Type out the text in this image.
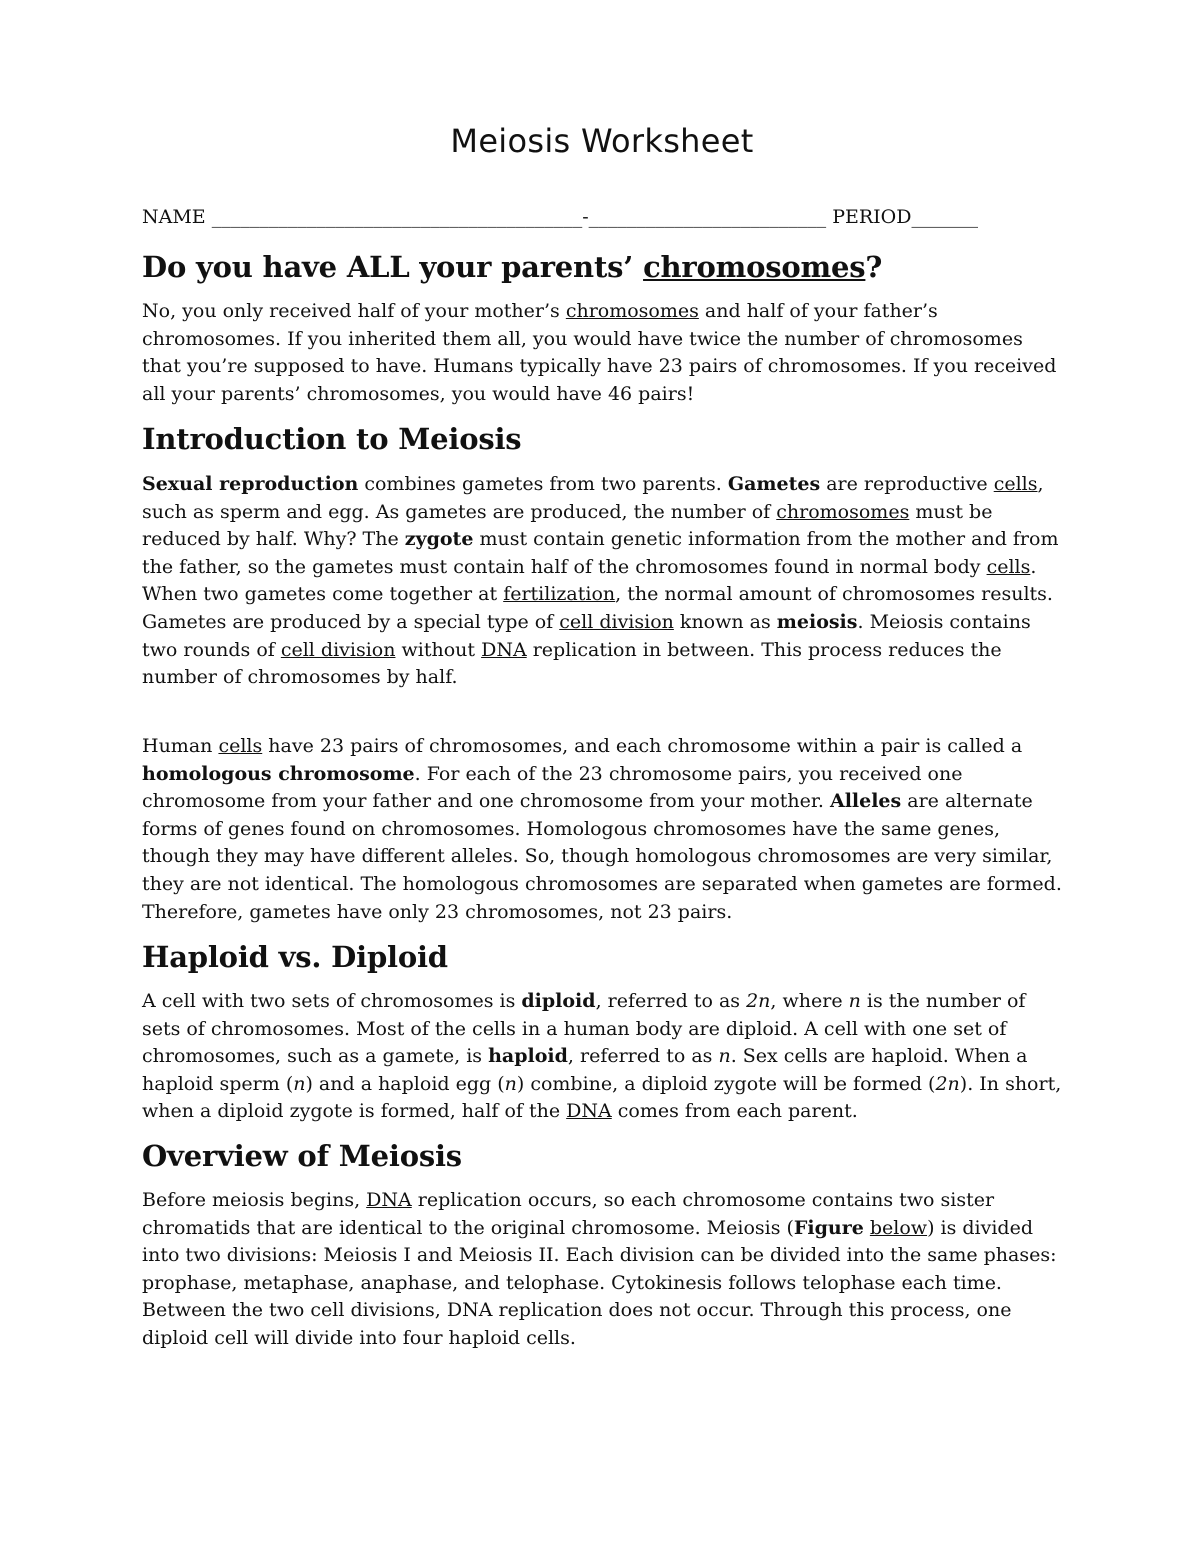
Meiosis Worksheet
NAME _______________________________________-_________________________ PERIOD_______
Do you have ALL your parents’ chromosomes?

No, you only received half of your mother’s chromosomes and half of your father’s chromosomes. If you inherited them all, you would have twice the number of chromosomes that you’re supposed to have. Humans typically have 23 pairs of chromosomes. If you received all your parents’ chromosomes, you would have 46 pairs!

Introduction to Meiosis

Sexual reproduction combines gametes from two parents. Gametes are reproductive cells, such as sperm and egg. As gametes are produced, the number of chromosomes must be reduced by half. Why? The zygote must contain genetic information from the mother and from the father, so the gametes must contain half of the chromosomes found in normal body cells. When two gametes come together at fertilization, the normal amount of chromosomes results. Gametes are produced by a special type of cell division known as meiosis. Meiosis contains two rounds of cell division without DNA replication in between. This process reduces the number of chromosomes by half.

Human cells have 23 pairs of chromosomes, and each chromosome within a pair is called a homologous chromosome. For each of the 23 chromosome pairs, you received one chromosome from your father and one chromosome from your mother. Alleles are alternate forms of genes found on chromosomes. Homologous chromosomes have the same genes, though they may have different alleles. So, though homologous chromosomes are very similar, they are not identical. The homologous chromosomes are separated when gametes are formed. Therefore, gametes have only 23 chromosomes, not 23 pairs.

Haploid vs. Diploid

A cell with two sets of chromosomes is diploid, referred to as 2n, where n is the number of sets of chromosomes. Most of the cells in a human body are diploid. A cell with one set of chromosomes, such as a gamete, is haploid, referred to as n. Sex cells are haploid. When a haploid sperm (n) and a haploid egg (n) combine, a diploid zygote will be formed (2n). In short, when a diploid zygote is formed, half of the DNA comes from each parent.

Overview of Meiosis

Before meiosis begins, DNA replication occurs, so each chromosome contains two sister chromatids that are identical to the original chromosome. Meiosis (Figure below) is divided into two divisions: Meiosis I and Meiosis II. Each division can be divided into the same phases: prophase, metaphase, anaphase, and telophase. Cytokinesis follows telophase each time. Between the two cell divisions, DNA replication does not occur. Through this process, one diploid cell will divide into four haploid cells.
